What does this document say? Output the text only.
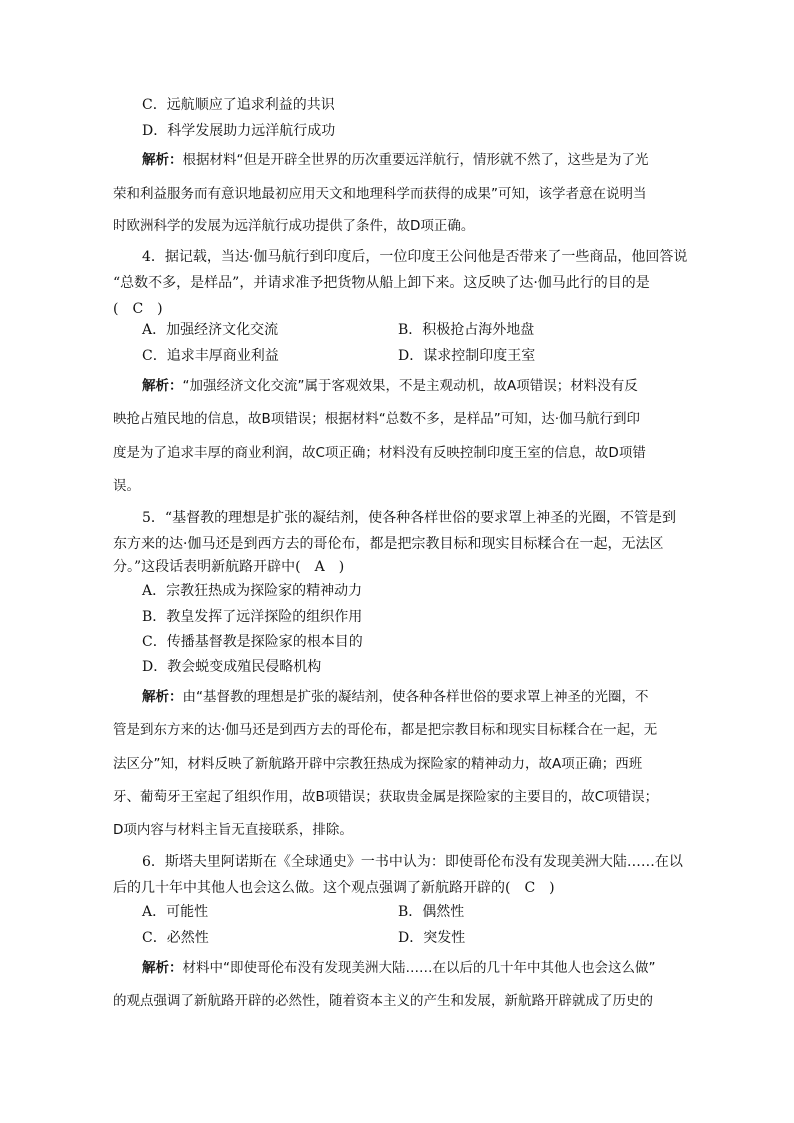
C．远航顺应了追求利益的共识
D．科学发展助力远洋航行成功
解析：根据材料“但是开辟全世界的历次重要远洋航行，情形就不然了，这些是为了光
荣和利益服务而有意识地最初应用天文和地理科学而获得的成果”可知，该学者意在说明当
时欧洲科学的发展为远洋航行成功提供了条件，故D项正确。
4．据记载，当达·伽马航行到印度后，一位印度王公问他是否带来了一些商品，他回答说
“总数不多，是样品”，并请求准予把货物从船上卸下来。这反映了达·伽马此行的目的是
(　C　)
A．加强经济文化交流	B．积极抢占海外地盘
C．追求丰厚商业利益	D．谋求控制印度王室
解析：“加强经济文化交流”属于客观效果，不是主观动机，故A项错误；材料没有反
映抢占殖民地的信息，故B项错误；根据材料“总数不多，是样品”可知，达·伽马航行到印
度是为了追求丰厚的商业利润，故C项正确；材料没有反映控制印度王室的信息，故D项错
误。
5．“基督教的理想是扩张的凝结剂，使各种各样世俗的要求罩上神圣的光圈，不管是到
东方来的达·伽马还是到西方去的哥伦布，都是把宗教目标和现实目标糅合在一起，无法区
分。”这段话表明新航路开辟中(　A　)
A．宗教狂热成为探险家的精神动力
B．教皇发挥了远洋探险的组织作用
C．传播基督教是探险家的根本目的
D．教会蜕变成殖民侵略机构
解析：由“基督教的理想是扩张的凝结剂，使各种各样世俗的要求罩上神圣的光圈，不
管是到东方来的达·伽马还是到西方去的哥伦布，都是把宗教目标和现实目标糅合在一起，无
法区分”知，材料反映了新航路开辟中宗教狂热成为探险家的精神动力，故A项正确；西班
牙、葡萄牙王室起了组织作用，故B项错误；获取贵金属是探险家的主要目的，故C项错误；
D项内容与材料主旨无直接联系，排除。
6．斯塔夫里阿诺斯在《全球通史》一书中认为：即使哥伦布没有发现美洲大陆……在以
后的几十年中其他人也会这么做。这个观点强调了新航路开辟的(　C　)
A．可能性	B．偶然性
C．必然性	D．突发性
解析：材料中“即使哥伦布没有发现美洲大陆……在以后的几十年中其他人也会这么做”
的观点强调了新航路开辟的必然性，随着资本主义的产生和发展，新航路开辟就成了历史的
